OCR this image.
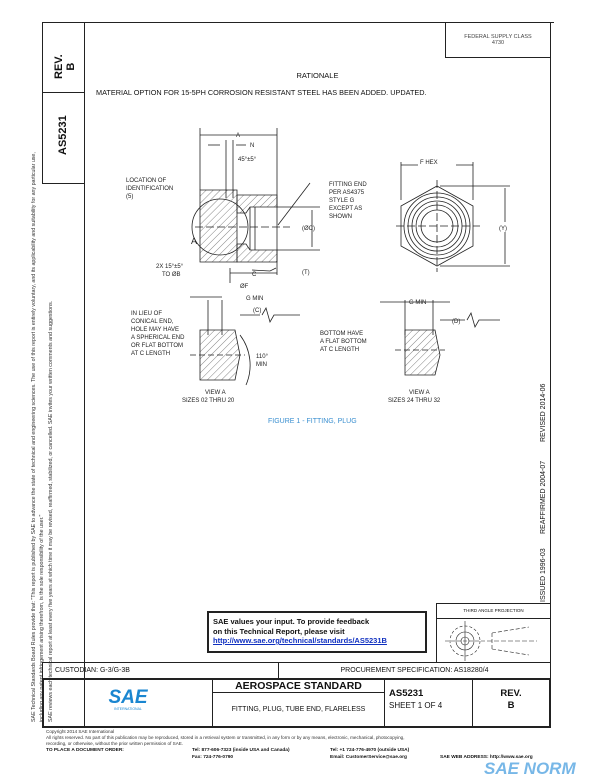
REV. B
AS5231
SAE Technical Standards Board Rules provide that: "This report is published by SAE to advance the state of technical and engineering sciences. The use of this report is entirely voluntary, and its applicability and suitability for any particular use, including any patent infringement arising therefrom, is the sole responsibility of the user." SAE reviews each technical report at least every five years at which time it may be revised, reaffirmed, stabilized, or cancelled. SAE invites your written comments and suggestions.	ISSUED 1996-03
REAFFIRMED 2004-07
REVISED 2014-06
FEDERAL SUPPLY CLASS
4730
RATIONALE
MATERIAL OPTION FOR 15-5PH CORROSION RESISTANT STEEL HAS BEEN ADDED. UPDATED.
A
N
45°±5°
LOCATION OF
IDENTIFICATION
(5)
FITTING END
PER AS4375
STYLE G
EXCEPT AS
SHOWN
(ØC)
A
2X 15°±5°
TO ØB	C	(T)
ØF
G MIN
(C)
IN LIEU OF
CONICAL END,
HOLE MAY HAVE
A SPHERICAL END
OR FLAT BOTTOM
AT C LENGTH	110°
MIN
VIEW A
SIZES 02 THRU 20
F HEX
(Y)
G MIN
(D)
BOTTOM HAVE
A FLAT BOTTOM
AT C LENGTH
VIEW A
SIZES 24 THRU 32
FIGURE 1 - FITTING, PLUG
SAE values your input. To provide feedback
on this Technical Report, please visit
http://www.sae.org/technical/standards/AS5231B
THIRD ANGLE PROJECTION
CUSTODIAN: G-3/G-3B	PROCUREMENT SPECIFICATION: AS18280/4
SAE
INTERNATIONAL
AEROSPACE STANDARD
FITTING, PLUG, TUBE END, FLARELESS
AS5231
SHEET 1 OF 4
REV.
B
Copyright 2014 SAE International
All rights reserved. No part of this publication may be reproduced, stored in a retrieval system or transmitted, in any form or by any means, electronic, mechanical, photocopying,
recording, or otherwise, without the prior written permission of SAE.
TO PLACE A DOCUMENT ORDER:	Tel: 877-606-7323 (inside USA and Canada)
Fax: 724-776-0790
Tel: +1 724-776-4970 (outside USA)
Email: CustomerService@sae.org	SAE WEB ADDRESS: http://www.sae.org
SAE NORM
